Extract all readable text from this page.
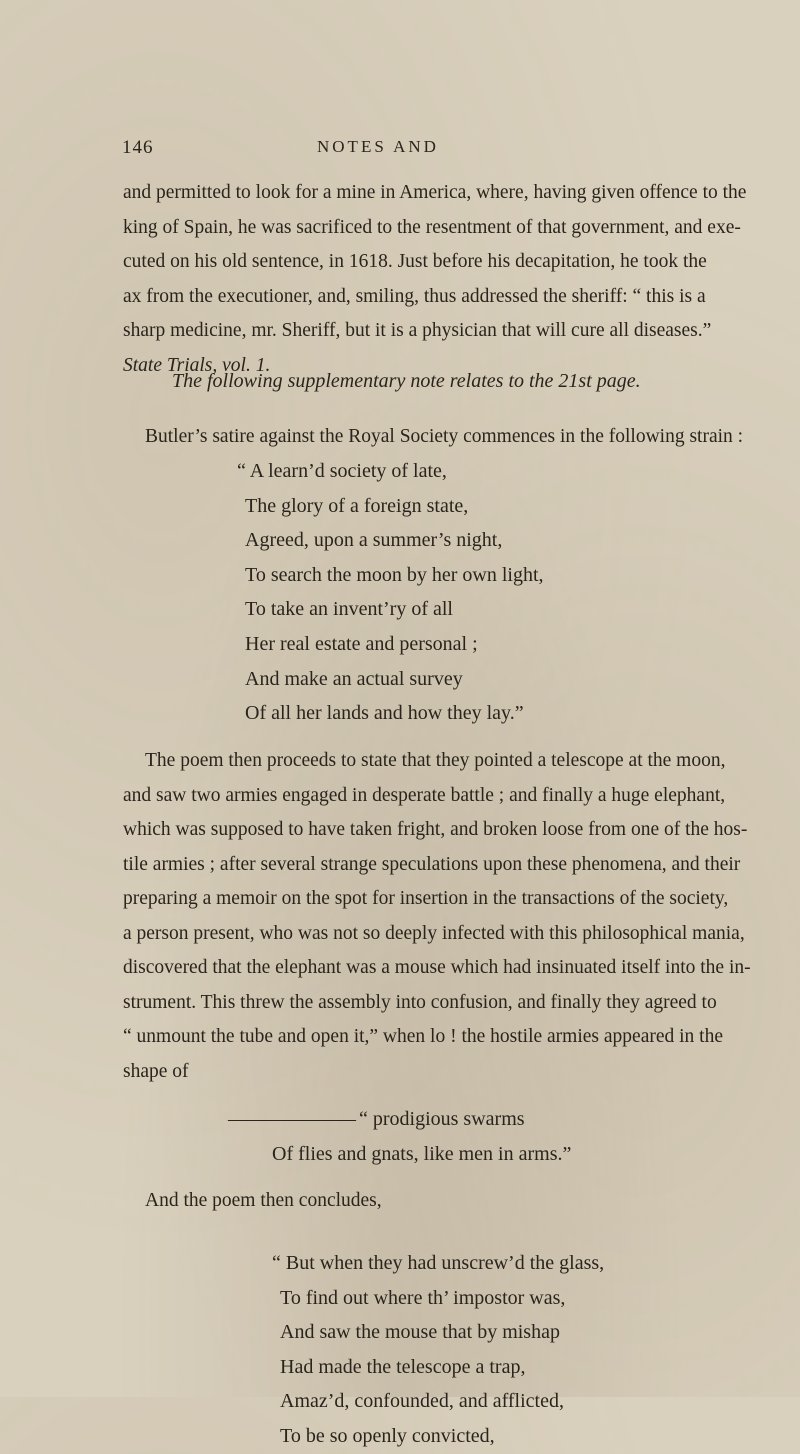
146	NOTES AND

and permitted to look for a mine in America, where, having given offence to the
king of Spain, he was sacrificed to the resentment of that government, and exe-
cuted on his old sentence, in 1618. Just before his decapitation, he took the
ax from the executioner, and, smiling, thus addressed the sheriff: “ this is a
sharp medicine, mr. Sheriff, but it is a physician that will cure all diseases.”
State Trials, vol. 1.

The following supplementary note relates to the 21st page.

Butler’s satire against the Royal Society commences in the following strain :

“ A learn’d society of late,
The glory of a foreign state,
Agreed, upon a summer’s night,
To search the moon by her own light,
To take an invent’ry of all
Her real estate and personal ;
And make an actual survey
Of all her lands and how they lay.”

The poem then proceeds to state that they pointed a telescope at the moon,
and saw two armies engaged in desperate battle ; and finally a huge elephant,
which was supposed to have taken fright, and broken loose from one of the hos-
tile armies ; after several strange speculations upon these phenomena, and their
preparing a memoir on the spot for insertion in the transactions of the society,
a person present, who was not so deeply infected with this philosophical mania,
discovered that the elephant was a mouse which had insinuated itself into the in-
strument. This threw the assembly into confusion, and finally they agreed to
“ unmount the tube and open it,” when lo ! the hostile armies appeared in the
shape of

——————— “ prodigious swarms
Of flies and gnats, like men in arms.”

And the poem then concludes,

“ But when they had unscrew’d the glass,
To find out where th’ impostor was,
And saw the mouse that by mishap
Had made the telescope a trap,
Amaz’d, confounded, and afflicted,
To be so openly convicted,
